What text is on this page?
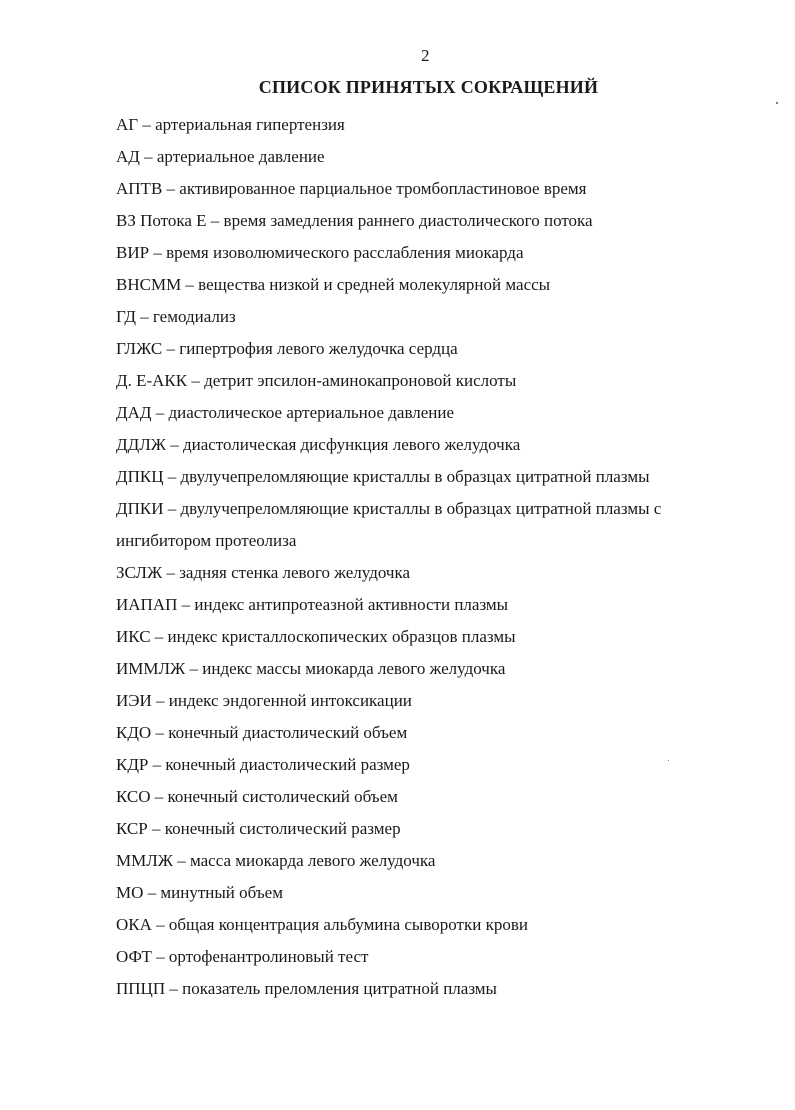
2
СПИСОК ПРИНЯТЫХ СОКРАЩЕНИЙ
АГ – артериальная гипертензия
АД – артериальное давление
АПТВ – активированное парциальное тромбопластиновое время
ВЗ Потока Е – время замедления раннего диастолического потока
ВИР – время изоволюмического расслабления миокарда
ВНСММ – вещества низкой и средней молекулярной массы
ГД – гемодиализ
ГЛЖС – гипертрофия левого желудочка сердца
Д. Е-АКК – детрит эпсилон-аминокапроновой кислоты
ДАД – диастолическое артериальное давление
ДДЛЖ – диастолическая дисфункция левого желудочка
ДПКЦ – двулучепреломляющие кристаллы в образцах цитратной плазмы
ДПКИ – двулучепреломляющие кристаллы в образцах цитратной плазмы с ингибитором протеолиза
ЗСЛЖ – задняя стенка левого желудочка
ИАПАП – индекс антипротеазной активности плазмы
ИКС – индекс кристаллоскопических образцов плазмы
ИММЛЖ – индекс массы миокарда левого желудочка
ИЭИ – индекс эндогенной интоксикации
КДО – конечный диастолический объем
КДР – конечный диастолический размер
КСО – конечный систолический объем
КСР – конечный систолический размер
ММЛЖ – масса миокарда левого желудочка
МО – минутный объем
ОКА – общая концентрация альбумина сыворотки крови
ОФТ – ортофенантролиновый тест
ППЦП – показатель преломления цитратной плазмы
